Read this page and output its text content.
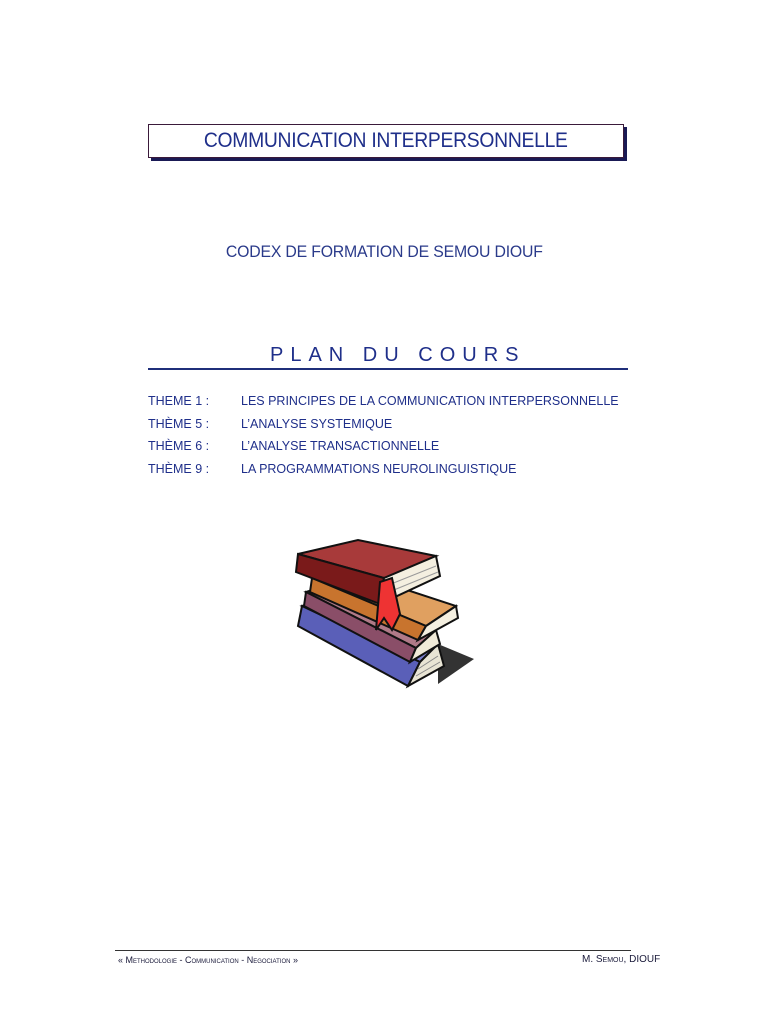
COMMUNICATION INTERPERSONNELLE
CODEX DE FORMATION DE SEMOU DIOUF
PLAN DU COURS
THEME 1 :	LES PRINCIPES DE LA COMMUNICATION INTERPERSONNELLE
THÈME 5 :	L’ANALYSE SYSTEMIQUE
THÈME 6 :	L’ANALYSE TRANSACTIONNELLE
THÈME 9 :	LA PROGRAMMATIONS NEUROLINGUISTIQUE
« Methodologie - Communication - Negociation »	M. Semou, DIOUF
